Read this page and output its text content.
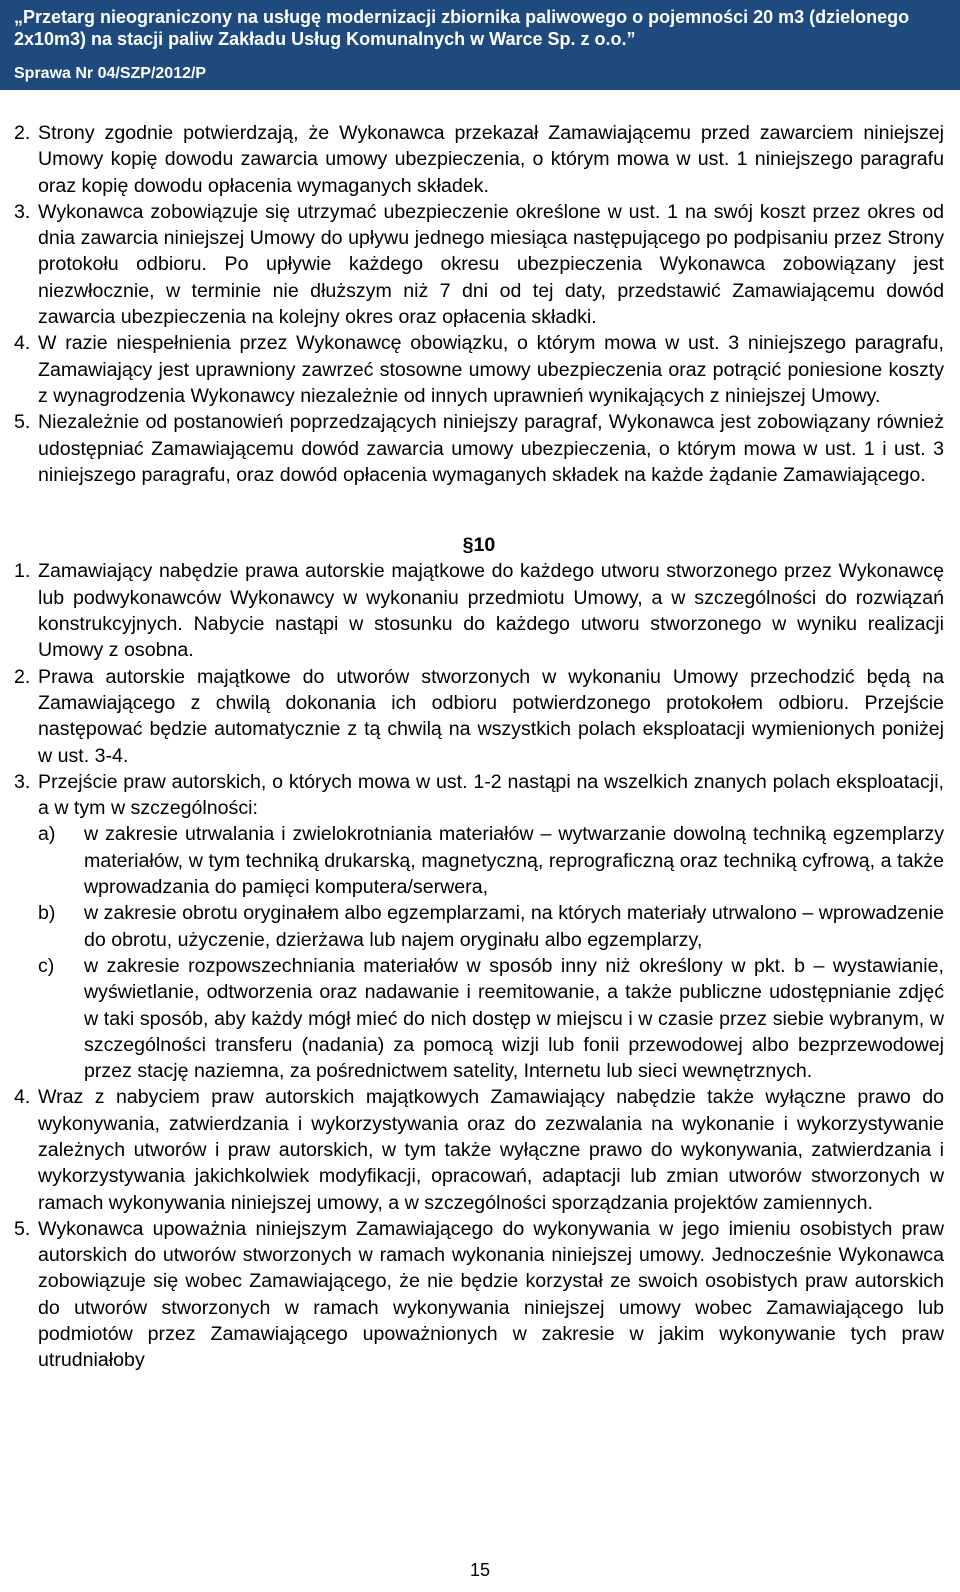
„Przetarg nieograniczony na usługę modernizacji zbiornika paliwowego o pojemności 20 m3 (dzielonego 2x10m3) na stacji paliw Zakładu Usług Komunalnych w Warce Sp. z o.o.”

Sprawa Nr 04/SZP/2012/P

2. Strony zgodnie potwierdzają, że Wykonawca przekazał Zamawiającemu przed zawarciem niniejszej Umowy kopię dowodu zawarcia umowy ubezpieczenia, o którym mowa w ust. 1 niniejszego paragrafu oraz kopię dowodu opłacenia wymaganych składek.
3. Wykonawca zobowiązuje się utrzymać ubezpieczenie określone w ust. 1 na swój koszt przez okres od dnia zawarcia niniejszej Umowy do upływu jednego miesiąca następującego po podpisaniu przez Strony protokołu odbioru. Po upływie każdego okresu ubezpieczenia Wykonawca zobowiązany jest niezwłocznie, w terminie nie dłuższym niż 7 dni od tej daty, przedstawić Zamawiającemu dowód zawarcia ubezpieczenia na kolejny okres oraz opłacenia składki.
4. W razie niespełnienia przez Wykonawcę obowiązku, o którym mowa w ust. 3 niniejszego paragrafu, Zamawiający jest uprawniony zawrzeć stosowne umowy ubezpieczenia oraz potrącić poniesione koszty z wynagrodzenia Wykonawcy niezależnie od innych uprawnień wynikających z niniejszej Umowy.
5. Niezależnie od postanowień poprzedzających niniejszy paragraf, Wykonawca jest zobowiązany również udostępniać Zamawiającemu dowód zawarcia umowy ubezpieczenia, o którym mowa w ust. 1 i ust. 3 niniejszego paragrafu, oraz dowód opłacenia wymaganych składek na każde żądanie Zamawiającego.
§10
1. Zamawiający nabędzie prawa autorskie majątkowe do każdego utworu stworzonego przez Wykonawcę lub podwykonawców Wykonawcy w wykonaniu przedmiotu Umowy, a w szczególności do rozwiązań konstrukcyjnych. Nabycie nastąpi w stosunku do każdego utworu stworzonego w wyniku realizacji Umowy z osobna.
2. Prawa autorskie majątkowe do utworów stworzonych w wykonaniu Umowy przechodzić będą na Zamawiającego z chwilą dokonania ich odbioru potwierdzonego protokołem odbioru. Przejście następować będzie automatycznie z tą chwilą na wszystkich polach eksploatacji wymienionych poniżej w ust. 3-4.
3. Przejście praw autorskich, o których mowa w ust. 1-2 nastąpi na wszelkich znanych polach eksploatacji, a w tym w szczególności:
a)	w zakresie utrwalania i zwielokrotniania materiałów – wytwarzanie dowolną techniką egzemplarzy materiałów, w tym techniką drukarską, magnetyczną, reprograficzną oraz techniką cyfrową, a także wprowadzania do pamięci komputera/serwera,
b)	w zakresie obrotu oryginałem albo egzemplarzami, na których materiały utrwalono – wprowadzenie do obrotu, użyczenie, dzierżawa lub najem oryginału albo egzemplarzy,
c)	w zakresie rozpowszechniania materiałów w sposób inny niż określony w pkt. b – wystawianie, wyświetlanie, odtworzenia oraz nadawanie i reemitowanie, a także publiczne udostępnianie zdjęć w taki sposób, aby każdy mógł mieć do nich dostęp w miejscu i w czasie przez siebie wybranym, w szczególności transferu (nadania) za pomocą wizji lub fonii przewodowej albo bezprzewodowej przez stację naziemna, za pośrednictwem satelity, Internetu lub sieci wewnętrznych.
4. Wraz z nabyciem praw autorskich majątkowych Zamawiający nabędzie także wyłączne prawo do wykonywania, zatwierdzania i wykorzystywania oraz do zezwalania na wykonanie i wykorzystywanie zależnych utworów i praw autorskich, w tym także wyłączne prawo do wykonywania, zatwierdzania i wykorzystywania jakichkolwiek modyfikacji, opracowań, adaptacji lub zmian utworów stworzonych w ramach wykonywania niniejszej umowy, a w szczególności sporządzania projektów zamiennych.
5. Wykonawca upoważnia niniejszym Zamawiającego do wykonywania w jego imieniu osobistych praw autorskich do utworów stworzonych w ramach wykonania niniejszej umowy. Jednocześnie Wykonawca zobowiązuje się wobec Zamawiającego, że nie będzie korzystał ze swoich osobistych praw autorskich do utworów stworzonych w ramach wykonywania niniejszej umowy wobec Zamawiającego lub podmiotów przez Zamawiającego upoważnionych w zakresie w jakim wykonywanie tych praw utrudniałoby
15
